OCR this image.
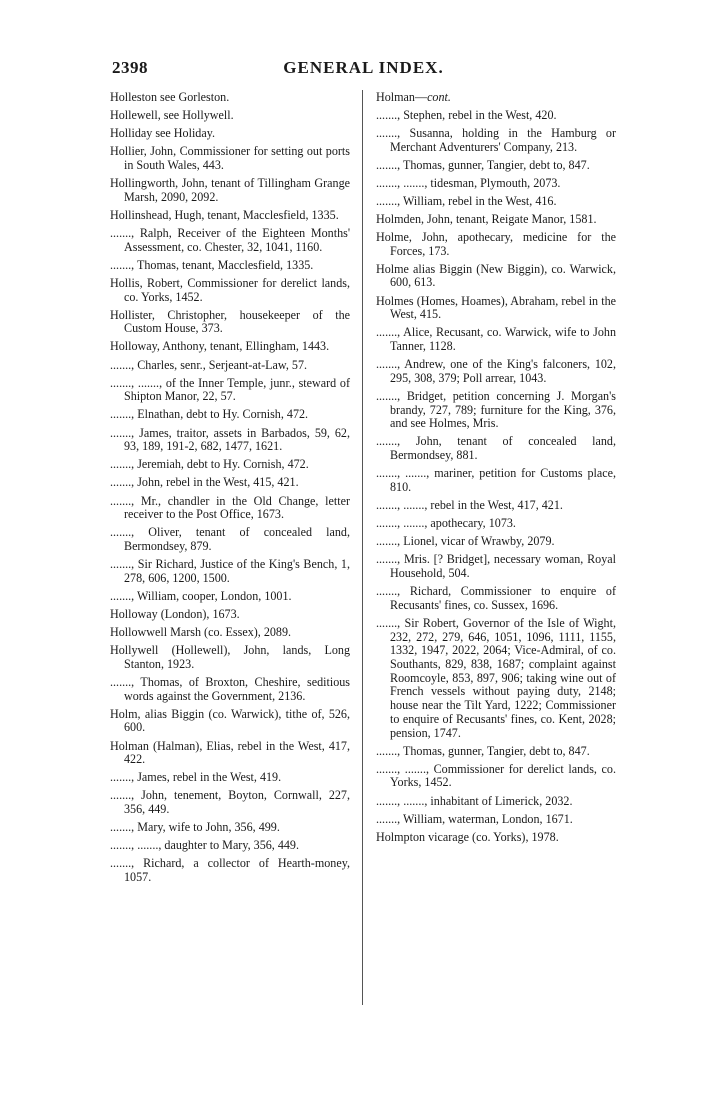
2398	GENERAL INDEX.
Holleston see Gorleston.
Hollewell, see Hollywell.
Holliday see Holiday.
Hollier, John, Commissioner for setting out ports in South Wales, 443.
Hollingworth, John, tenant of Tillingham Grange Marsh, 2090, 2092.
Hollinshead, Hugh, tenant, Macclesfield, 1335.
......., Ralph, Receiver of the Eighteen Months' Assessment, co. Chester, 32, 1041, 1160.
......., Thomas, tenant, Macclesfield, 1335.
Hollis, Robert, Commissioner for derelict lands, co. Yorks, 1452.
Hollister, Christopher, housekeeper of the Custom House, 373.
Holloway, Anthony, tenant, Ellingham, 1443.
......., Charles, senr., Serjeant-at-Law, 57.
......., ......., of the Inner Temple, junr., steward of Shipton Manor, 22, 57.
......., Elnathan, debt to Hy. Cornish, 472.
......., James, traitor, assets in Barbados, 59, 62, 93, 189, 191-2, 682, 1477, 1621.
......., Jeremiah, debt to Hy. Cornish, 472.
......., John, rebel in the West, 415, 421.
......., Mr., chandler in the Old Change, letter receiver to the Post Office, 1673.
......., Oliver, tenant of concealed land, Bermondsey, 879.
......., Sir Richard, Justice of the King's Bench, 1, 278, 606, 1200, 1500.
......., William, cooper, London, 1001.
Holloway (London), 1673.
Hollowwell Marsh (co. Essex), 2089.
Hollywell (Hollewell), John, lands, Long Stanton, 1923.
......., Thomas, of Broxton, Cheshire, seditious words against the Government, 2136.
Holm, alias Biggin (co. Warwick), tithe of, 526, 600.
Holman (Halman), Elias, rebel in the West, 417, 422.
......., James, rebel in the West, 419.
......., John, tenement, Boyton, Cornwall, 227, 356, 449.
......., Mary, wife to John, 356, 499.
......., ......., daughter to Mary, 356, 449.
......., Richard, a collector of Hearth-money, 1057.
Holman—cont.
......., Stephen, rebel in the West, 420.
......., Susanna, holding in the Hamburg or Merchant Adventurers' Company, 213.
......., Thomas, gunner, Tangier, debt to, 847.
......., ......., tidesman, Plymouth, 2073.
......., William, rebel in the West, 416.
Holmden, John, tenant, Reigate Manor, 1581.
Holme, John, apothecary, medicine for the Forces, 173.
Holme alias Biggin (New Biggin), co. Warwick, 600, 613.
Holmes (Homes, Hoames), Abraham, rebel in the West, 415.
......., Alice, Recusant, co. Warwick, wife to John Tanner, 1128.
......., Andrew, one of the King's falconers, 102, 295, 308, 379; Poll arrear, 1043.
......., Bridget, petition concerning J. Morgan's brandy, 727, 789; furniture for the King, 376, and see Holmes, Mris.
......., John, tenant of concealed land, Bermondsey, 881.
......., ......., mariner, petition for Customs place, 810.
......., ......., rebel in the West, 417, 421.
......., ......., apothecary, 1073.
......., Lionel, vicar of Wrawby, 2079.
......., Mris. [? Bridget], necessary woman, Royal Household, 504.
......., Richard, Commissioner to enquire of Recusants' fines, co. Sussex, 1696.
......., Sir Robert, Governor of the Isle of Wight, 232, 272, 279, 646, 1051, 1096, 1111, 1155, 1332, 1947, 2022, 2064; Vice-Admiral, of co. Southants, 829, 838, 1687; complaint against Roomcoyle, 853, 897, 906; taking wine out of French vessels without paying duty, 2148; house near the Tilt Yard, 1222; Commissioner to enquire of Recusants' fines, co. Kent, 2028; pension, 1747.
......., Thomas, gunner, Tangier, debt to, 847.
......., ......., Commissioner for derelict lands, co. Yorks, 1452.
......., ......., inhabitant of Limerick, 2032.
......., William, waterman, London, 1671.
Holmpton vicarage (co. Yorks), 1978.
